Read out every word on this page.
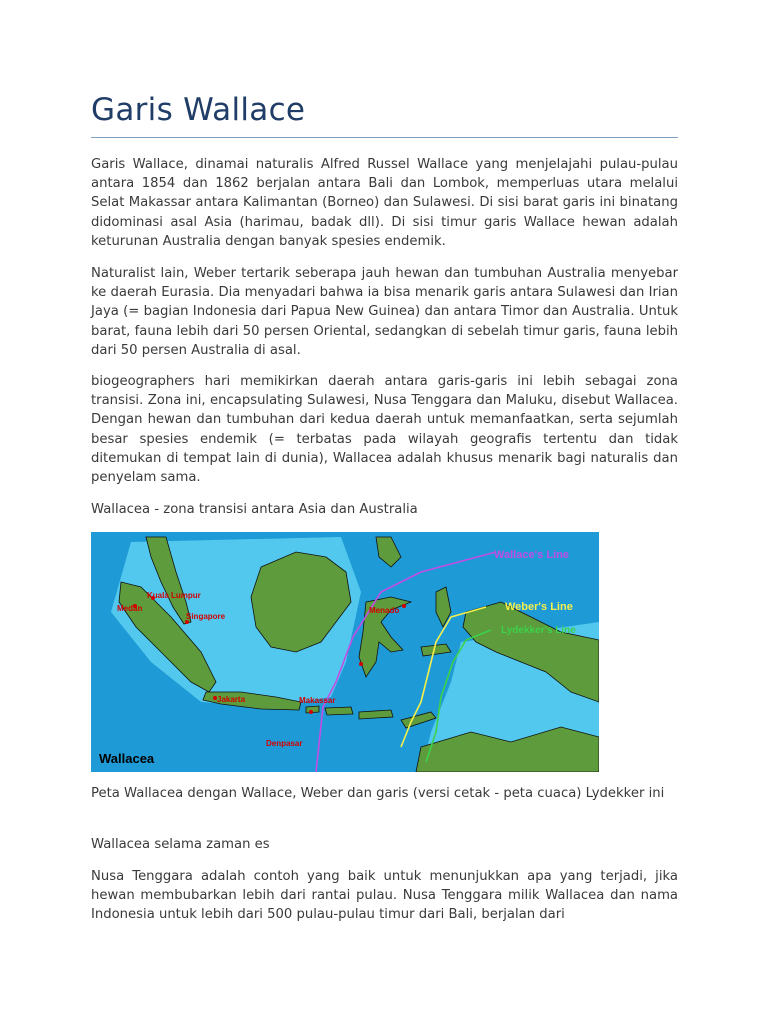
Garis Wallace

Garis Wallace, dinamai naturalis Alfred Russel Wallace yang menjelajahi pulau-pulau antara 1854 dan 1862 berjalan antara Bali dan Lombok, memperluas utara melalui Selat Makassar antara Kalimantan (Borneo) dan Sulawesi. Di sisi barat garis ini binatang didominasi asal Asia (harimau, badak dll). Di sisi timur garis Wallace hewan adalah keturunan Australia dengan banyak spesies endemik.

Naturalist lain, Weber tertarik seberapa jauh hewan dan tumbuhan Australia menyebar ke daerah Eurasia. Dia menyadari bahwa ia bisa menarik garis antara Sulawesi dan Irian Jaya (= bagian Indonesia dari Papua New Guinea) dan antara Timor dan Australia. Untuk barat, fauna lebih dari 50 persen Oriental, sedangkan di sebelah timur garis, fauna lebih dari 50 persen Australia di asal.

biogeographers hari memikirkan daerah antara garis-garis ini lebih sebagai zona transisi. Zona ini, encapsulating Sulawesi, Nusa Tenggara dan Maluku, disebut Wallacea. Dengan hewan dan tumbuhan dari kedua daerah untuk memanfaatkan, serta sejumlah besar spesies endemik (= terbatas pada wilayah geografis tertentu dan tidak ditemukan di tempat lain di dunia), Wallacea adalah khusus menarik bagi naturalis dan penyelam sama.

Wallacea - zona transisi antara Asia dan Australia

Kuala Lumpur
Medan
Singapore
Jakarta	Makassar
Menado
Denpasar
Wallace's Line
Weber's Line
Lydekker's Line
Wallacea

Peta Wallacea dengan Wallace, Weber dan garis (versi cetak - peta cuaca) Lydekker ini

Wallacea selama zaman es

Nusa Tenggara adalah contoh yang baik untuk menunjukkan apa yang terjadi, jika hewan membubarkan lebih dari rantai pulau. Nusa Tenggara milik Wallacea dan nama Indonesia untuk lebih dari 500 pulau-pulau timur dari Bali, berjalan dari
